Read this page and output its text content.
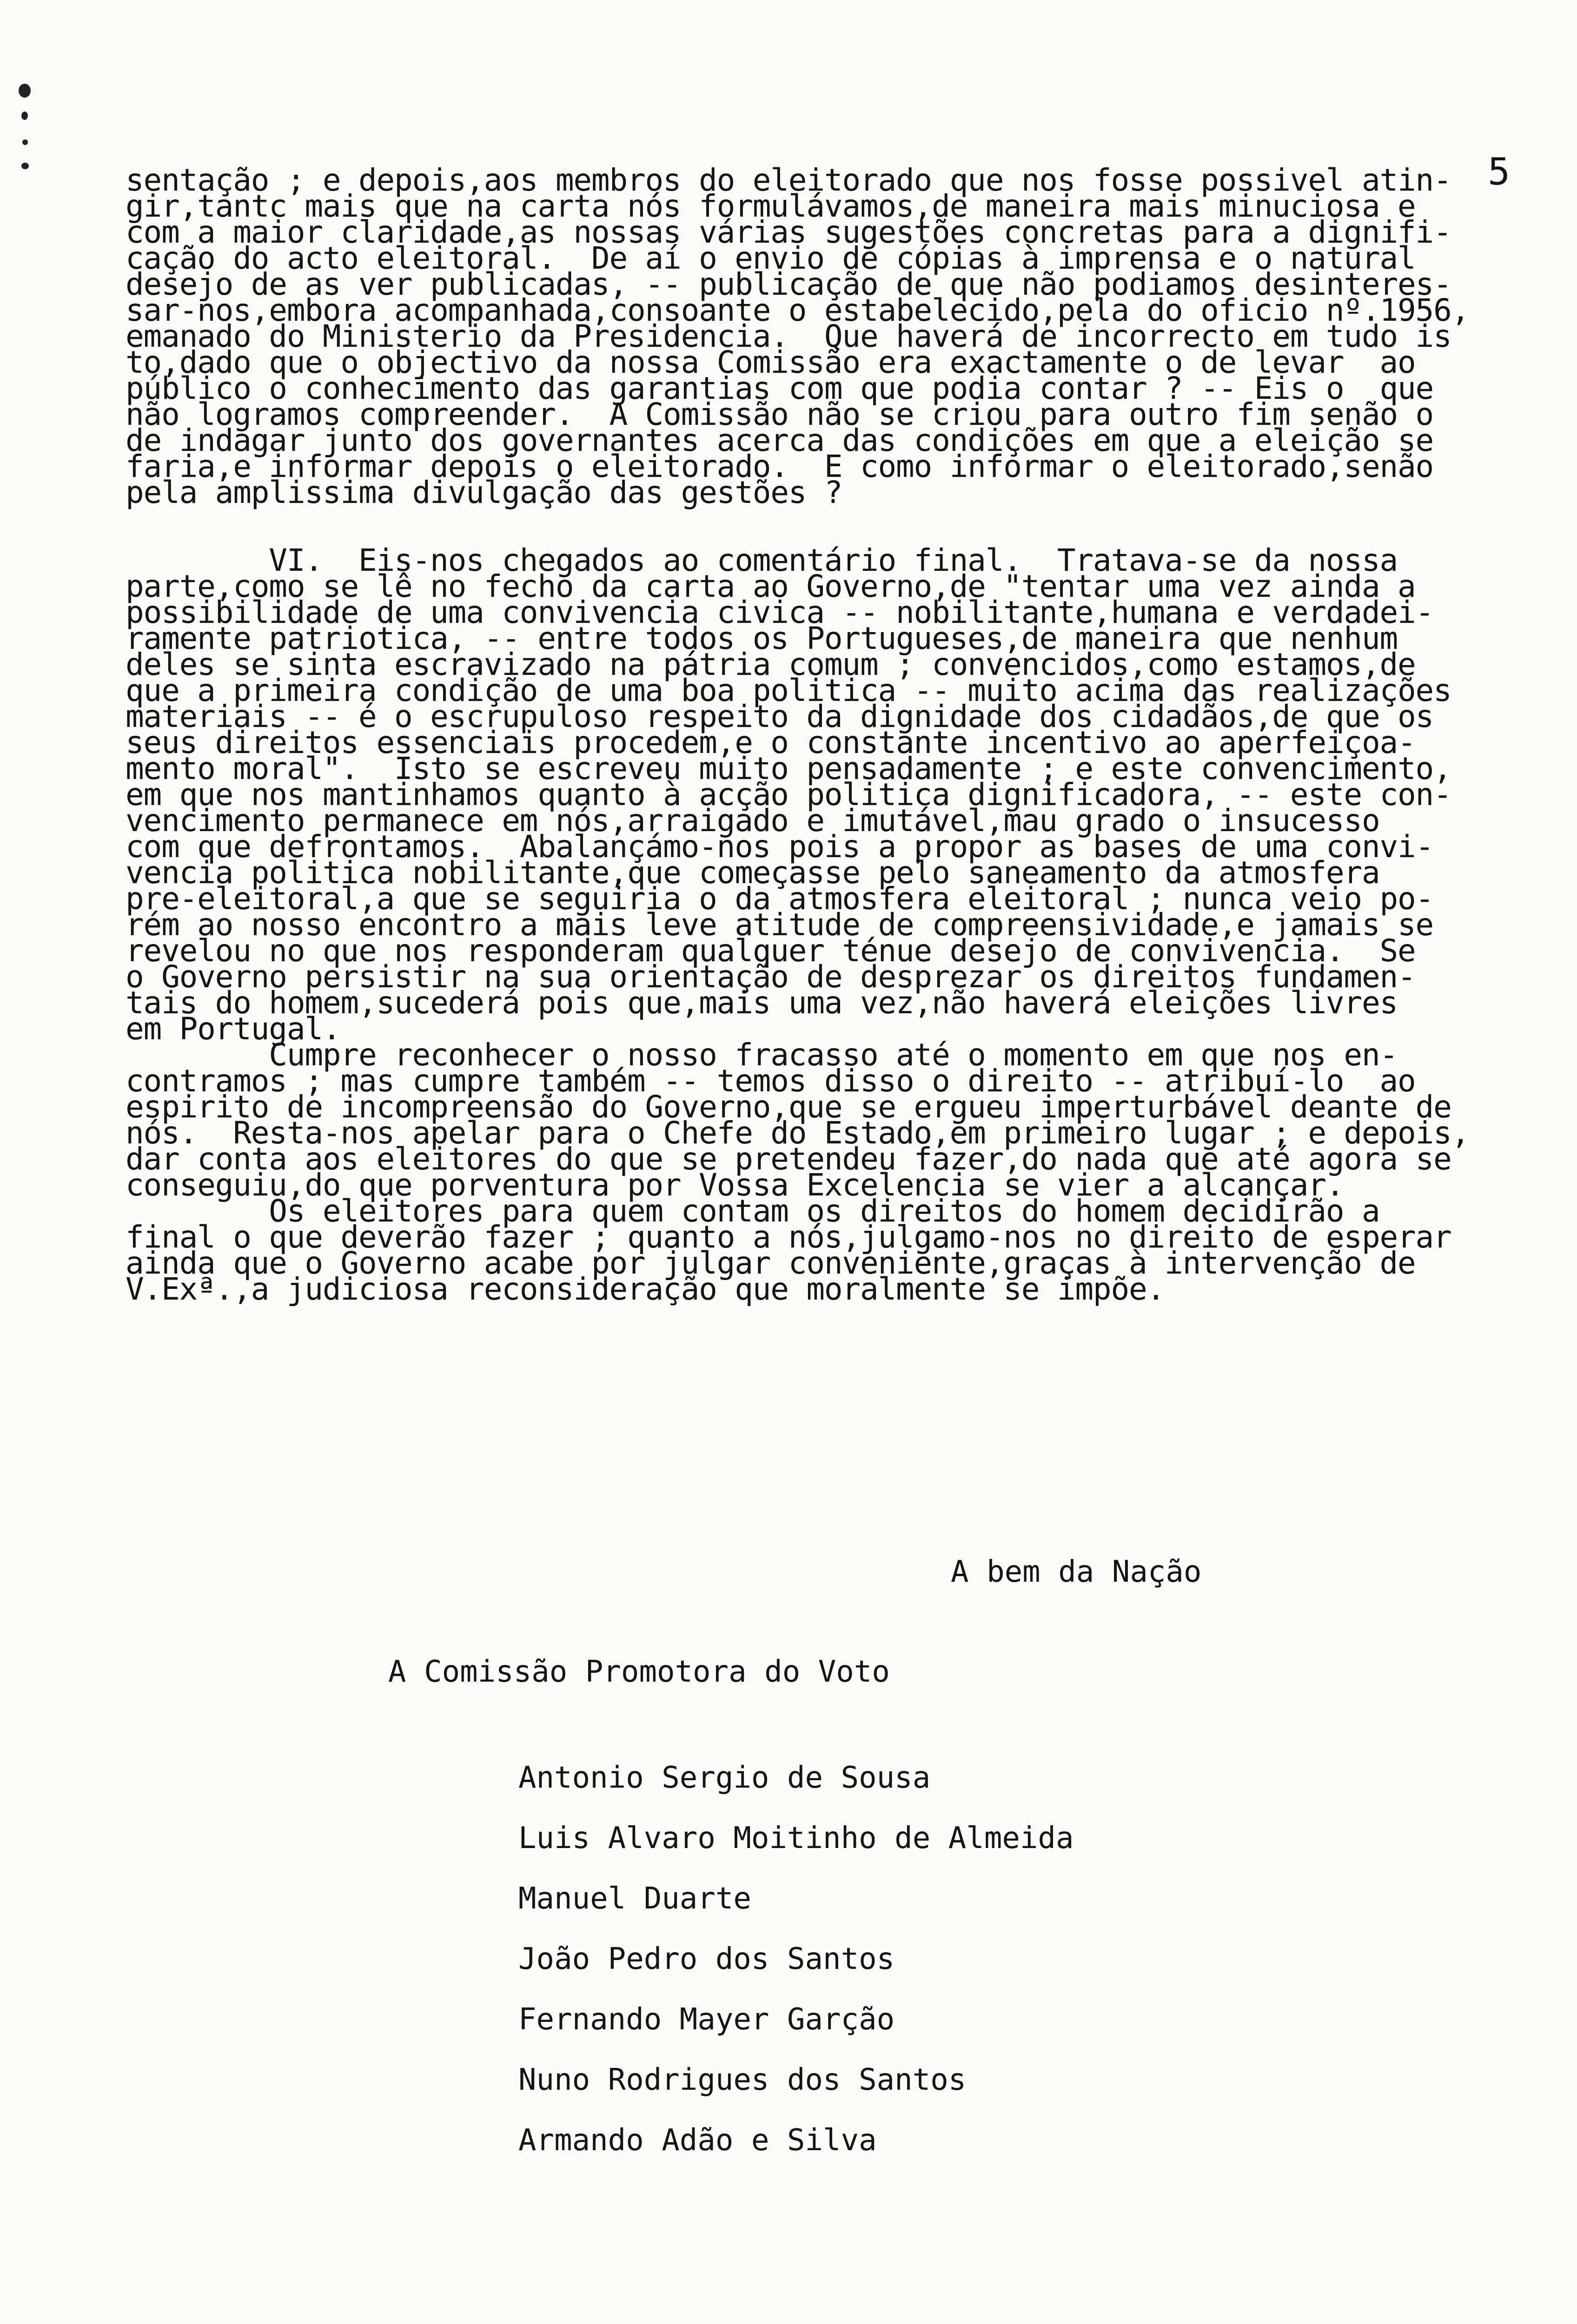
5
sentação ; e depois,aos membros do eleitorado que nos fosse possivel atin-
gir,tantc mais que na carta nós formulávamos,de maneira mais minuciosa e
com a maior claridade,as nossas várias sugestões concretas para a dignifi-
cação do acto eleitoral.  De aí o envio de cópias à imprensa e o natural
desejo de as ver publicadas, -- publicação de que não podiamos desinteres-
sar-nos,embora acompanhada,consoante o estabelecido,pela do oficio nº.1956,
emanado do Ministerio da Presidencia.  Que haverá de incorrecto em tudo is
to,dado que o objectivo da nossa Comissão era exactamente o de levar  ao
público o conhecimento das garantias com que podia contar ? -- Eis o  que
não logramos compreender.  A Comissão não se criou para outro fim senão o
de indagar junto dos governantes acerca das condições em que a eleição se
faria,e informar depois o eleitorado.  E como informar o eleitorado,senão
pela amplissima divulgação das gestões ?
VI.  Eis-nos chegados ao comentário final.  Tratava-se da nossa
parte,como se lê no fecho da carta ao Governo,de "tentar uma vez ainda a
possibilidade de uma convivencia civica -- nobilitante,humana e verdadei-
ramente patriotica, -- entre todos os Portugueses,de maneira que nenhum
deles se sinta escravizado na pátria comum ; convencidos,como estamos,de
que a primeira condição de uma boa politica -- muito acima das realizações
materiais -- é o escrupuloso respeito da dignidade dos cidadãos,de que os
seus direitos essenciais procedem,e o constante incentivo ao aperfeiçoa-
mento moral".  Isto se escreveu muito pensadamente ; e este convencimento,
em que nos mantinhamos quanto à acção politica dignificadora, -- este con-
vencimento permanece em nós,arraigado e imutável,mau grado o insucesso
com que defrontamos.  Abalançámo-nos pois a propor as bases de uma convi-
vencia politica nobilitante,que começasse pelo saneamento da atmosfera
pre-eleitoral,a que se seguiria o da atmosfera eleitoral ; nunca veio po-
rém ao nosso encontro a mais leve atitude de compreensividade,e jamais se
revelou no que nos responderam qualquer ténue desejo de convivencia.  Se
o Governo persistir na sua orientação de desprezar os direitos fundamen-
tais do homem,sucederá pois que,mais uma vez,não haverá eleições livres
em Portugal.
Cumpre reconhecer o nosso fracasso até o momento em que nos en-
contramos ; mas cumpre também -- temos disso o direito -- atribuí-lo  ao
espirito de incompreensão do Governo,que se ergueu imperturbável deante de
nós.  Resta-nos apelar para o Chefe do Estado,em primeiro lugar ; e depois,
dar conta aos eleitores do que se pretendeu fazer,do nada que até agora se
conseguiu,do que porventura por Vossa Excelencia se vier a alcançar.
Os eleitores para quem contam os direitos do homem decidirão a
final o que deverão fazer ; quanto a nós,julgamo-nos no direito de esperar
ainda que o Governo acabe por julgar conveniente,graças à intervenção de
V.Exª.,a judiciosa reconsideração que moralmente se impõe.
A bem da Nação
A Comissão Promotora do Voto
Antonio Sergio de Sousa
Luis Alvaro Moitinho de Almeida
Manuel Duarte
João Pedro dos Santos
Fernando Mayer Garção
Nuno Rodrigues dos Santos
Armando Adão e Silva
